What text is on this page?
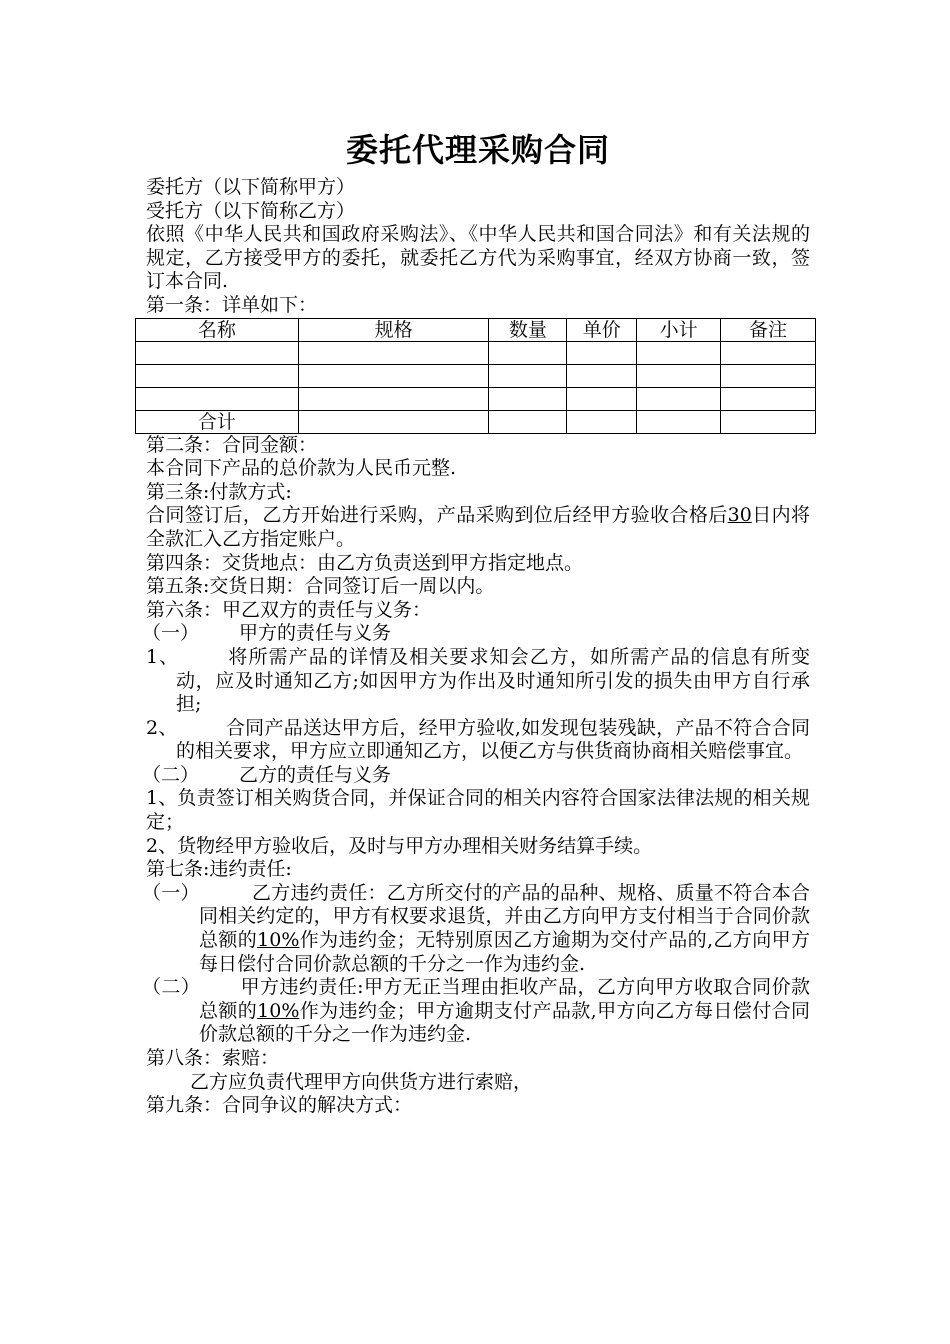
委托代理采购合同

委托方（以下简称甲方）

受托方（以下简称乙方）

依照《中华人民共和国政府采购法》、《中华人民共和国合同法》和有关法规的规定，乙方接受甲方的委托，就委托乙方代为采购事宜，经双方协商一致，签订本合同.

第一条：详单如下：

名称	规格	数量	单价	小计	备注

合计					

第二条：合同金额：

本合同下产品的总价款为人民币元整.

第三条:付款方式:

合同签订后，乙方开始进行采购，产品采购到位后经甲方验收合格后30日内将全款汇入乙方指定账户。

第四条：交货地点：由乙方负责送到甲方指定地点。

第五条:交货日期：合同签订后一周以内。

第六条：甲乙双方的责任与义务：

（一） 甲方的责任与义务

1、	将所需产品的详情及相关要求知会乙方，如所需产品的信息有所变动，应及时通知乙方;如因甲方为作出及时通知所引发的损失由甲方自行承担;

2、	合同产品送达甲方后，经甲方验收,如发现包装残缺，产品不符合合同的相关要求，甲方应立即通知乙方，以便乙方与供货商协商相关赔偿事宜。

（二） 乙方的责任与义务

1、负责签订相关购货合同，并保证合同的相关内容符合国家法律法规的相关规定；

2、货物经甲方验收后，及时与甲方办理相关财务结算手续。

第七条:违约责任:

（一）	乙方违约责任：乙方所交付的产品的品种、规格、质量不符合本合同相关约定的，甲方有权要求退货，并由乙方向甲方支付相当于合同价款总额的10%作为违约金；无特别原因乙方逾期为交付产品的,乙方向甲方每日偿付合同价款总额的千分之一作为违约金.

（二） 甲方违约责任:甲方无正当理由拒收产品，乙方向甲方收取合同价款总额的10%作为违约金；甲方逾期支付产品款,甲方向乙方每日偿付合同价款总额的千分之一作为违约金.

第八条：索赔：

乙方应负责代理甲方向供货方进行索赔，

第九条：合同争议的解决方式：
